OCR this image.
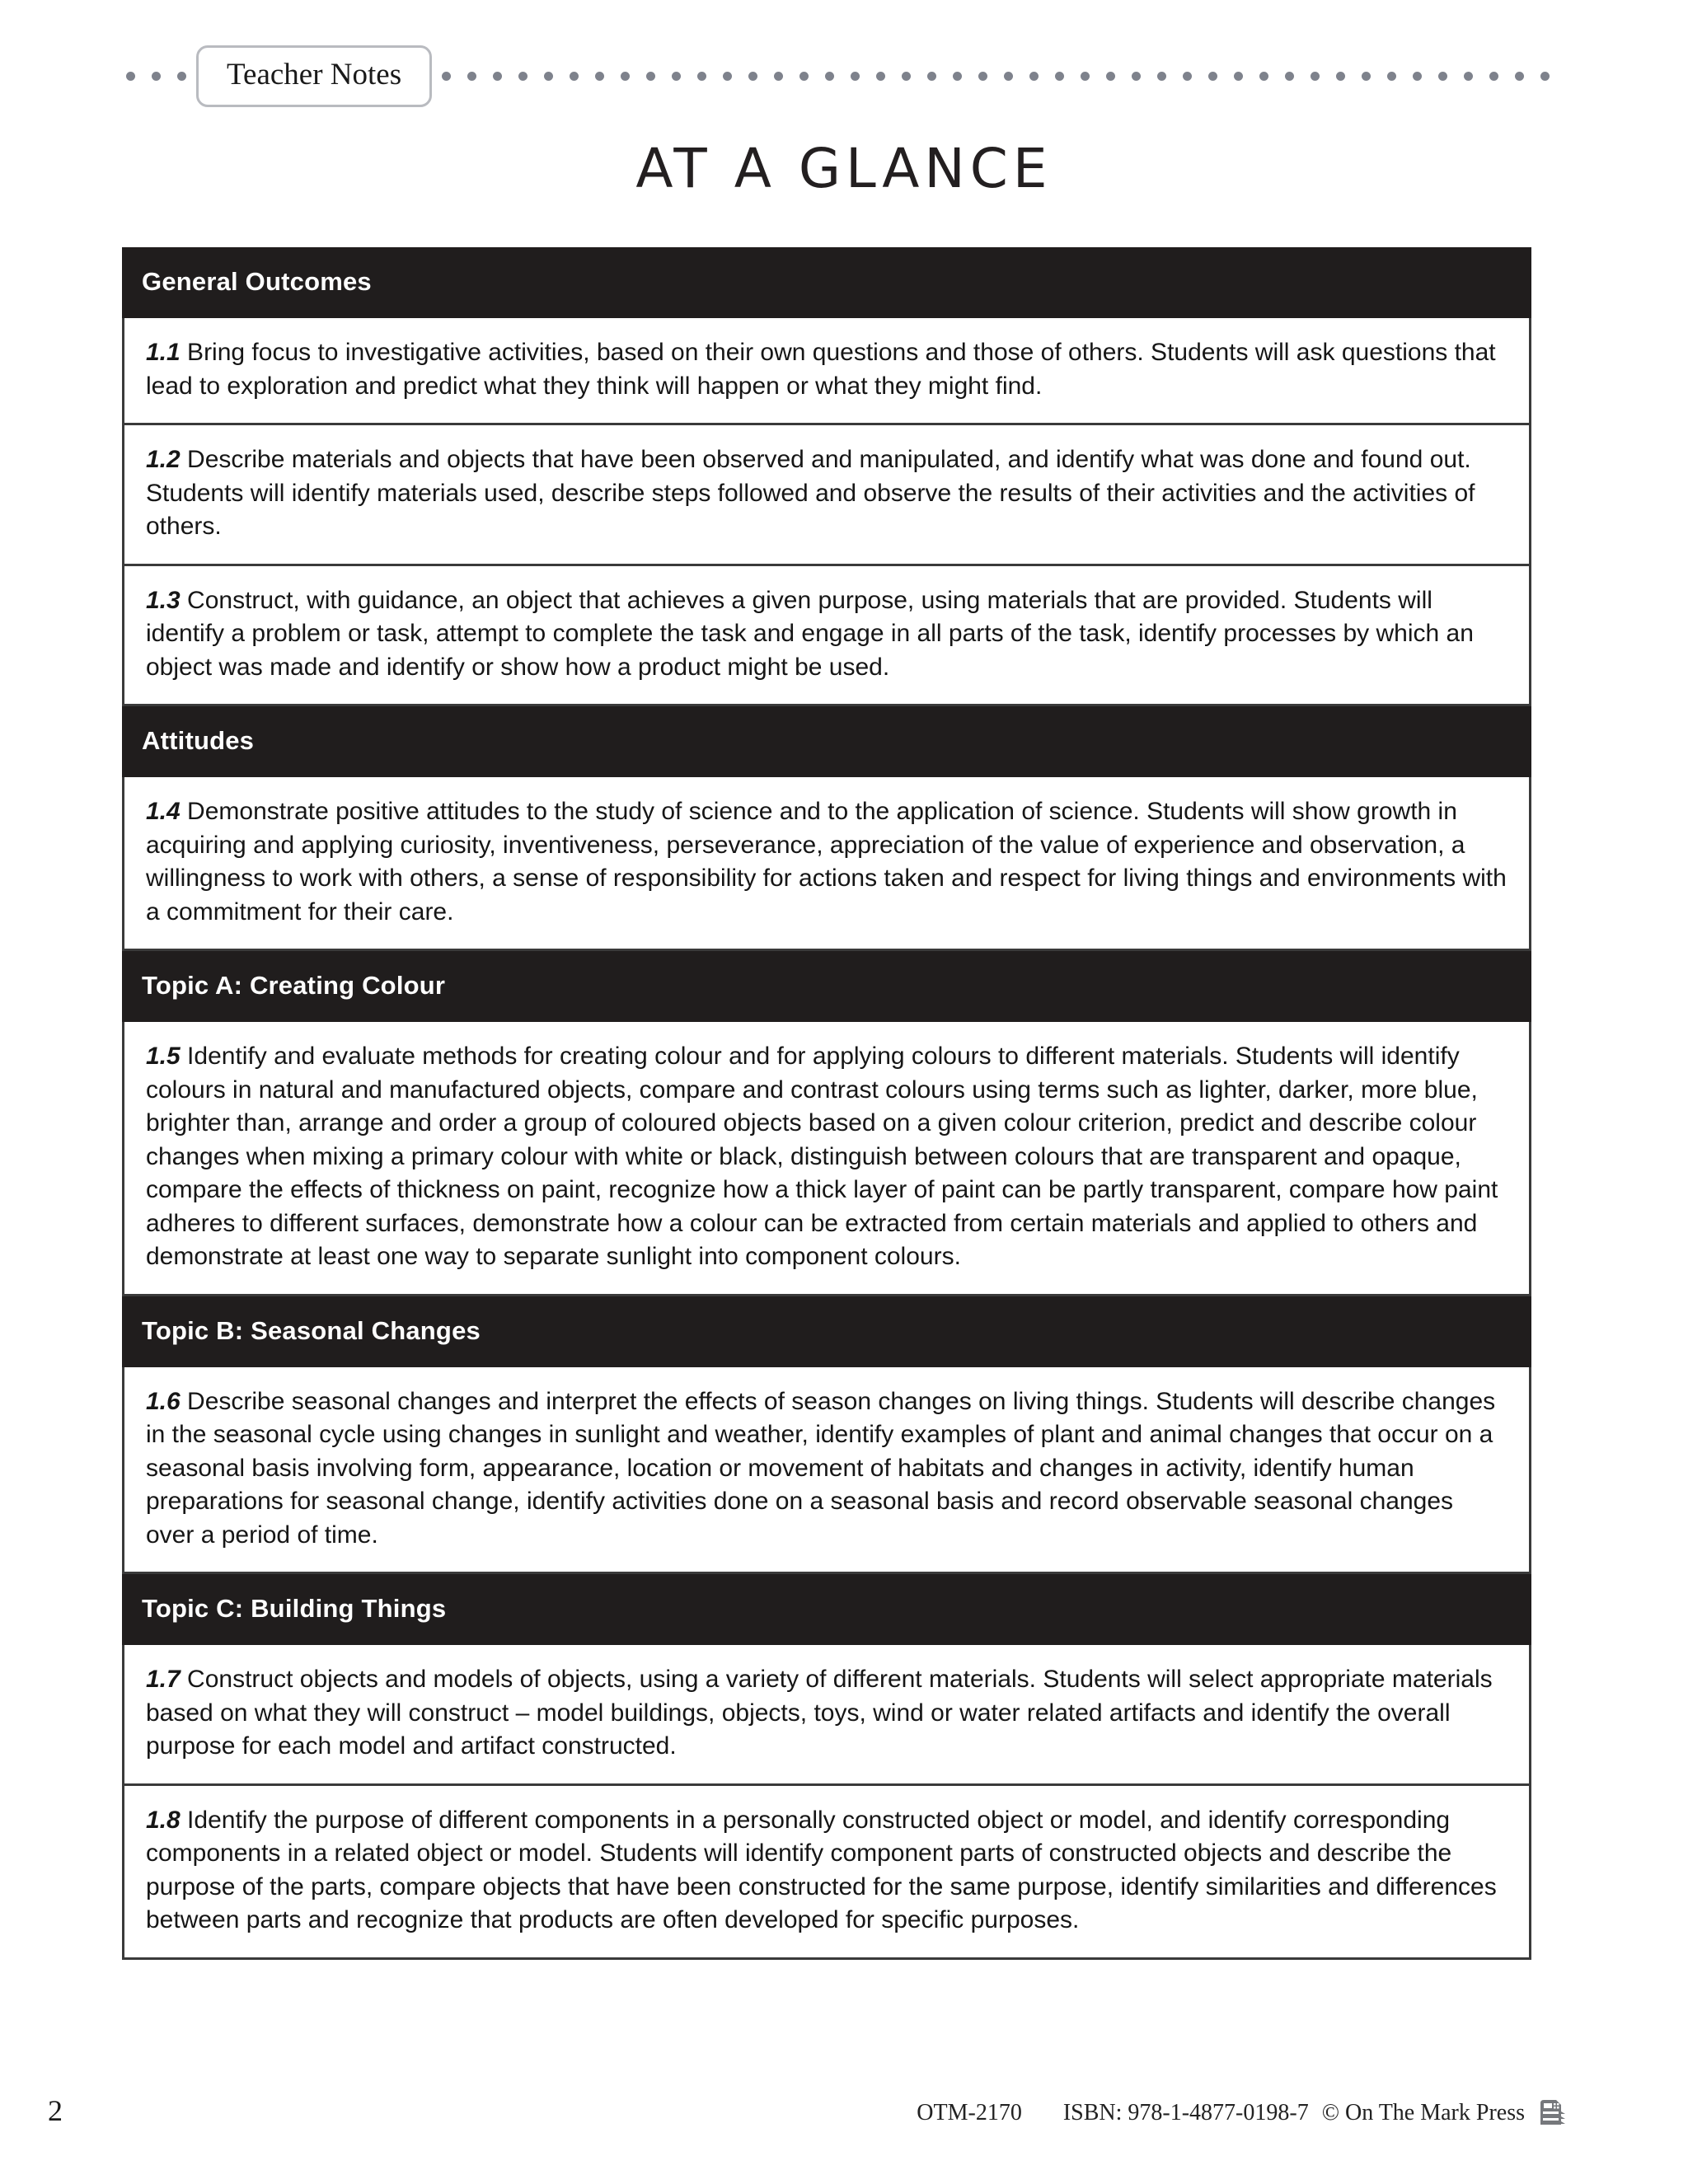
Teacher Notes
AT A GLANCE
General Outcomes
1.1 Bring focus to investigative activities, based on their own questions and those of others. Students will ask questions that lead to exploration and predict what they think will happen or what they might find.
1.2 Describe materials and objects that have been observed and manipulated, and identify what was done and found out. Students will identify materials used, describe steps followed and observe the results of their activities and the activities of others.
1.3 Construct, with guidance, an object that achieves a given purpose, using materials that are provided. Students will identify a problem or task, attempt to complete the task and engage in all parts of the task, identify processes by which an object was made and identify or show how a product might be used.
Attitudes
1.4 Demonstrate positive attitudes to the study of science and to the application of science. Students will show growth in acquiring and applying curiosity, inventiveness, perseverance, appreciation of the value of experience and observation, a willingness to work with others, a sense of responsibility for actions taken and respect for living things and environments with a commitment for their care.
Topic A: Creating Colour
1.5 Identify and evaluate methods for creating colour and for applying colours to different materials. Students will identify colours in natural and manufactured objects, compare and contrast colours using terms such as lighter, darker, more blue, brighter than, arrange and order a group of coloured objects based on a given colour criterion, predict and describe colour changes when mixing a primary colour with white or black, distinguish between colours that are transparent and opaque, compare the effects of thickness on paint, recognize how a thick layer of paint can be partly transparent, compare how paint adheres to different surfaces, demonstrate how a colour can be extracted from certain materials and applied to others and demonstrate at least one way to separate sunlight into component colours.
Topic B: Seasonal Changes
1.6 Describe seasonal changes and interpret the effects of season changes on living things. Students will describe changes in the seasonal cycle using changes in sunlight and weather, identify examples of plant and animal changes that occur on a seasonal basis involving form, appearance, location or movement of habitats and changes in activity, identify human preparations for seasonal change, identify activities done on a seasonal basis and record observable seasonal changes over a period of time.
Topic C: Building Things
1.7 Construct objects and models of objects, using a variety of different materials. Students will select appropriate materials based on what they will construct – model buildings, objects, toys, wind or water related artifacts and identify the overall purpose for each model and artifact constructed.
1.8 Identify the purpose of different components in a personally constructed object or model, and identify corresponding components in a related object or model. Students will identify component parts of constructed objects and describe the purpose of the parts, compare objects that have been constructed for the same purpose, identify similarities and differences between parts and recognize that products are often developed for specific purposes.
2	OTM-2170 ISBN: 978-1-4877-0198-7 © On The Mark Press
